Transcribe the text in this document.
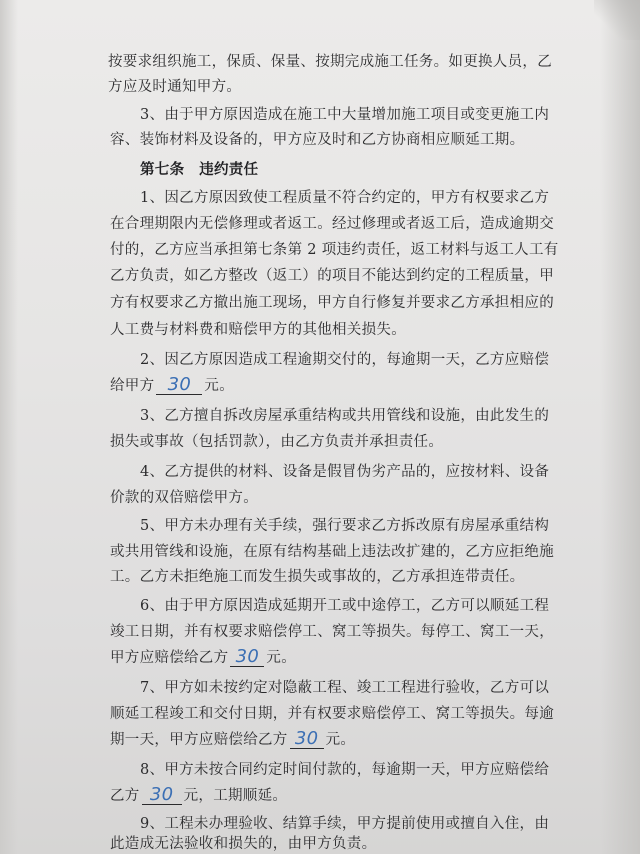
按要求组织施工，保质、保量、按期完成施工任务。如更换人员，乙
方应及时通知甲方。
3、由于甲方原因造成在施工中大量增加施工项目或变更施工内
容、装饰材料及设备的，甲方应及时和乙方协商相应顺延工期。
第七条　违约责任
1、因乙方原因致使工程质量不符合约定的，甲方有权要求乙方
在合理期限内无偿修理或者返工。经过修理或者返工后，造成逾期交
付的，乙方应当承担第七条第 2 项违约责任，返工材料与返工人工有
乙方负责，如乙方整改（返工）的项目不能达到约定的工程质量，甲
方有权要求乙方撤出施工现场，甲方自行修复并要求乙方承担相应的
人工费与材料费和赔偿甲方的其他相关损失。
2、因乙方原因造成工程逾期交付的，每逾期一天，乙方应赔偿
给甲方 30 元。
3、乙方擅自拆改房屋承重结构或共用管线和设施，由此发生的
损失或事故（包括罚款），由乙方负责并承担责任。
4、乙方提供的材料、设备是假冒伪劣产品的，应按材料、设备
价款的双倍赔偿甲方。
5、甲方未办理有关手续，强行要求乙方拆改原有房屋承重结构
或共用管线和设施，在原有结构基础上违法改扩建的，乙方应拒绝施
工。乙方未拒绝施工而发生损失或事故的，乙方承担连带责任。
6、由于甲方原因造成延期开工或中途停工，乙方可以顺延工程
竣工日期，并有权要求赔偿停工、窝工等损失。每停工、窝工一天，
甲方应赔偿给乙方 30 元。
7、甲方如未按约定对隐蔽工程、竣工工程进行验收，乙方可以
顺延工程竣工和交付日期，并有权要求赔偿停工、窝工等损失。每逾
期一天，甲方应赔偿给乙方 30 元。
8、甲方未按合同约定时间付款的，每逾期一天，甲方应赔偿给
乙方 30 元，工期顺延。
9、工程未办理验收、结算手续，甲方提前使用或擅自入住，由
此造成无法验收和损失的，由甲方负责。
